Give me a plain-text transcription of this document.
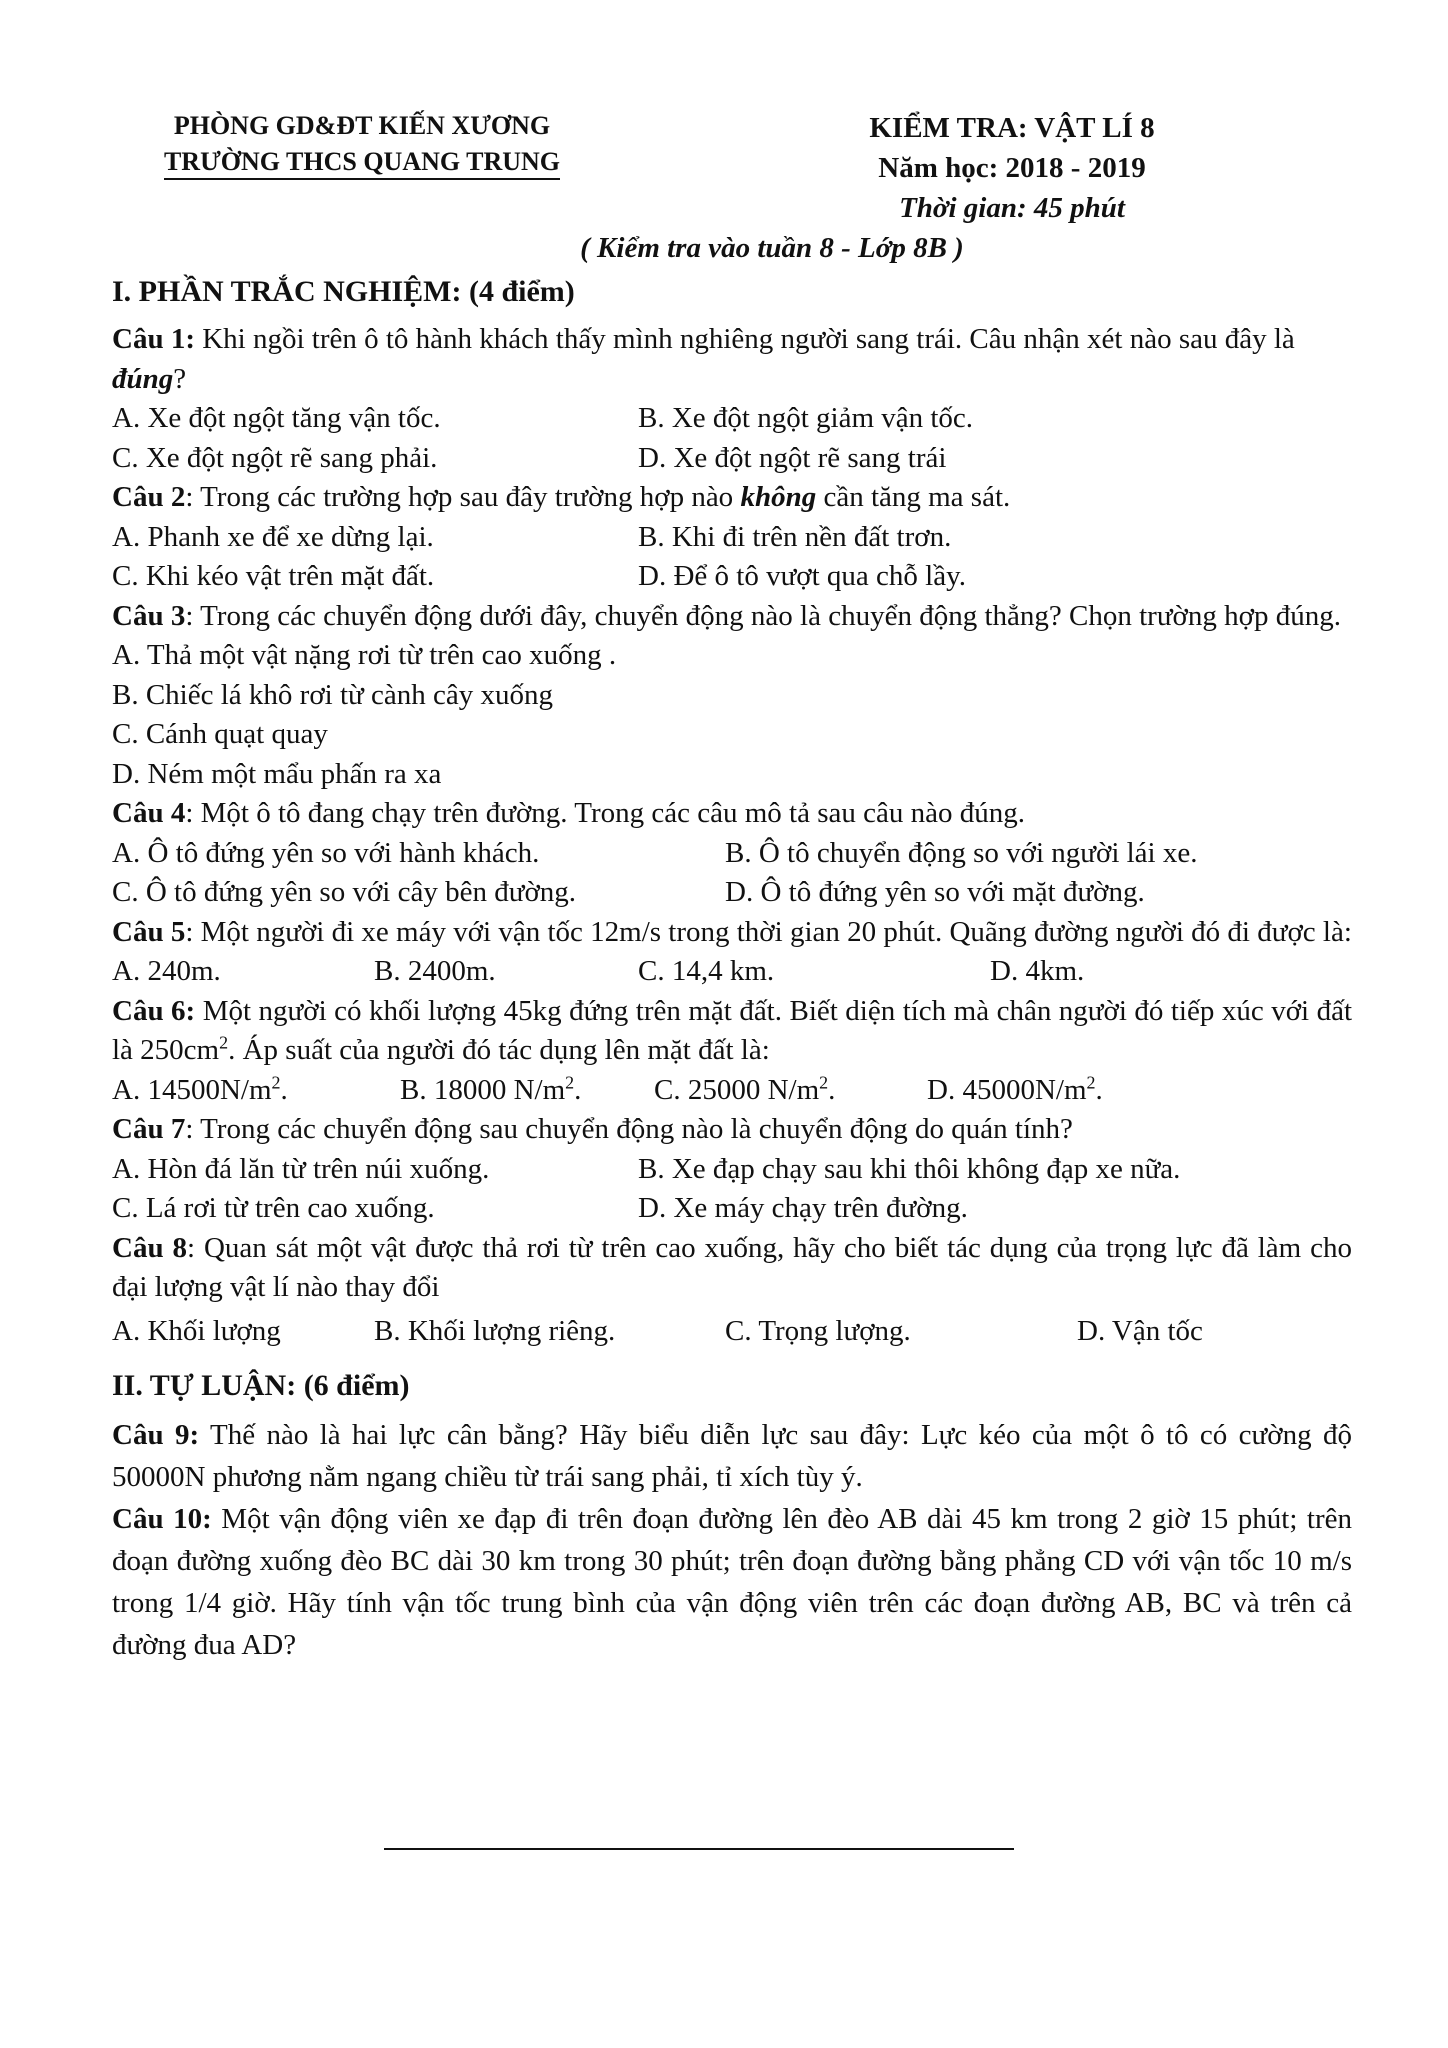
PHÒNG GD&ĐT KIẾN XƯƠNG
TRƯỜNG THCS QUANG TRUNG
KIỂM TRA: VẬT LÍ 8
Năm học: 2018 - 2019
Thời gian: 45 phút
( Kiểm tra vào tuần 8 - Lớp 8B )
I. PHẦN TRẮC NGHIỆM: (4 điểm)
Câu 1: Khi ngồi trên ô tô hành khách thấy mình nghiêng người sang trái. Câu nhận xét nào sau đây là đúng?
A. Xe đột ngột tăng vận tốc.	B. Xe đột ngột giảm vận tốc.
C. Xe đột ngột rẽ sang phải.	D. Xe đột ngột rẽ sang trái
Câu 2: Trong các trường hợp sau đây trường hợp nào không cần tăng ma sát.
A. Phanh xe để xe dừng lại.	B. Khi đi trên nền đất trơn.
C. Khi kéo vật trên mặt đất.	D. Để ô tô vượt qua chỗ lầy.
Câu 3: Trong các chuyển động dưới đây, chuyển động nào là chuyển động thẳng? Chọn trường hợp đúng.
A. Thả một vật nặng rơi từ trên cao xuống .
B. Chiếc lá khô rơi từ cành cây xuống
C. Cánh quạt quay
D. Ném một mẩu phấn ra xa
Câu 4: Một ô tô đang chạy trên đường. Trong các câu mô tả sau câu nào đúng.
A. Ô tô đứng yên so với hành khách.	B. Ô tô chuyển động so với người lái xe.
C. Ô tô đứng yên so với cây bên đường.	D. Ô tô đứng yên so với mặt đường.
Câu 5: Một người đi xe máy với vận tốc 12m/s trong thời gian 20 phút. Quãng đường người đó đi được là:
A. 240m.	B. 2400m.	C. 14,4 km.	D. 4km.
Câu 6: Một người có khối lượng 45kg đứng trên mặt đất. Biết diện tích mà chân người đó tiếp xúc với đất là $250cm^2$. Áp suất của người đó tác dụng lên mặt đất là:
A. $14500N/m^2$.	B. 18000 $N/m^2$.	C. 25000 $N/m^2$.	D. $45000N/m^2$.
Câu 7: Trong các chuyển động sau chuyển động nào là chuyển động do quán tính?
A. Hòn đá lăn từ trên núi xuống.	B. Xe đạp chạy sau khi thôi không đạp xe nữa.
C. Lá rơi từ trên cao xuống.	D. Xe máy chạy trên đường.
Câu 8: Quan sát một vật được thả rơi từ trên cao xuống, hãy cho biết tác dụng của trọng lực đã làm cho đại lượng vật lí nào thay đổi
A. Khối lượng	B. Khối lượng riêng.	C. Trọng lượng.	D. Vận tốc
II. TỰ LUẬN: (6 điểm)
Câu 9: Thế nào là hai lực cân bằng? Hãy biểu diễn lực sau đây: Lực kéo của một ô tô có cường độ 50000N phương nằm ngang chiều từ trái sang phải, tỉ xích tùy ý.
Câu 10: Một vận động viên xe đạp đi trên đoạn đường lên đèo AB dài 45 km trong 2 giờ 15 phút; trên đoạn đường xuống đèo BC dài 30 km trong 30 phút; trên đoạn đường bằng phẳng CD với vận tốc 10 m/s trong 1/4 giờ. Hãy tính vận tốc trung bình của vận động viên trên các đoạn đường AB, BC và trên cả đường đua AD?
